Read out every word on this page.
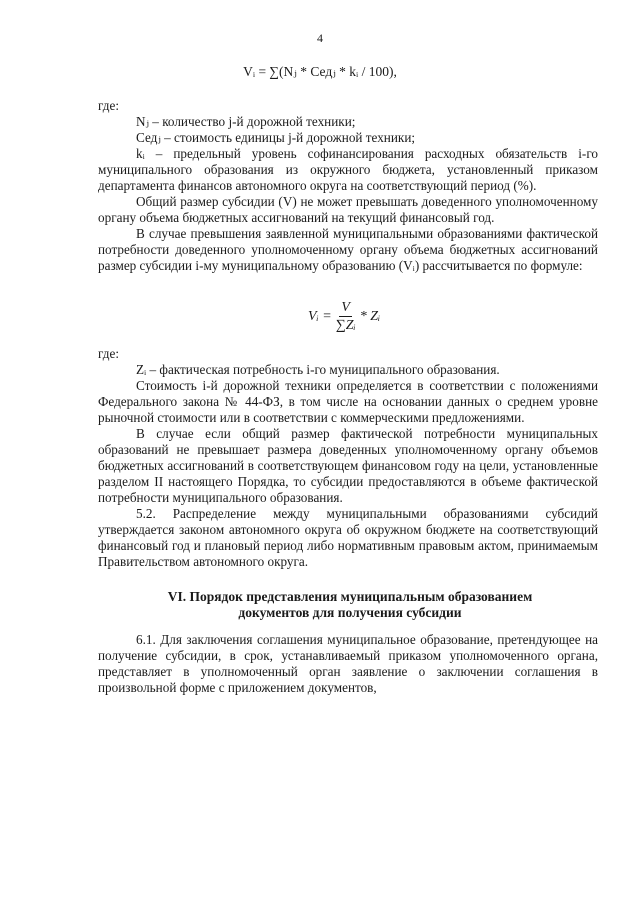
4
Vᵢ = ∑(Nⱼ * Седⱼ * kᵢ / 100),

где:

Nⱼ – количество j-й дорожной техники;

Седⱼ – стоимость единицы j-й дорожной техники;

kᵢ – предельный уровень софинансирования расходных обязательств i-го муниципального образования из окружного бюджета, установленный приказом департамента финансов автономного округа на соответствующий период (%).

Общий размер субсидии (V) не может превышать доведенного уполномоченному органу объема бюджетных ассигнований на текущий финансовый год.

В случае превышения заявленной муниципальными образованиями фактической потребности доведенного уполномоченному органу объема бюджетных ассигнований размер субсидии i-му муниципальному образованию (Vᵢ) рассчитывается по формуле:

Vᵢ = $\frac{V}{\text{∑Zᵢ}}$ * Zᵢ

где:

Zᵢ – фактическая потребность i-го муниципального образования.

Стоимость i-й дорожной техники определяется в соответствии с положениями Федерального закона № 44-ФЗ, в том числе на основании данных о среднем уровне рыночной стоимости или в соответствии с коммерческими предложениями.

В случае если общий размер фактической потребности муниципальных образований не превышает размера доведенных уполномоченному органу объемов бюджетных ассигнований в соответствующем финансовом году на цели, установленные разделом II настоящего Порядка, то субсидии предоставляются в объеме фактической потребности муниципального образования.

5.2. Распределение между муниципальными образованиями субсидий утверждается законом автономного округа об окружном бюджете на соответствующий финансовый год и плановый период либо нормативным правовым актом, принимаемым Правительством автономного округа.

VI. Порядок представления муниципальным образованием документов для получения субсидии

6.1. Для заключения соглашения муниципальное образование, претендующее на получение субсидии, в срок, устанавливаемый приказом уполномоченного органа, представляет в уполномоченный орган заявление о заключении соглашения в произвольной форме с приложением документов,
